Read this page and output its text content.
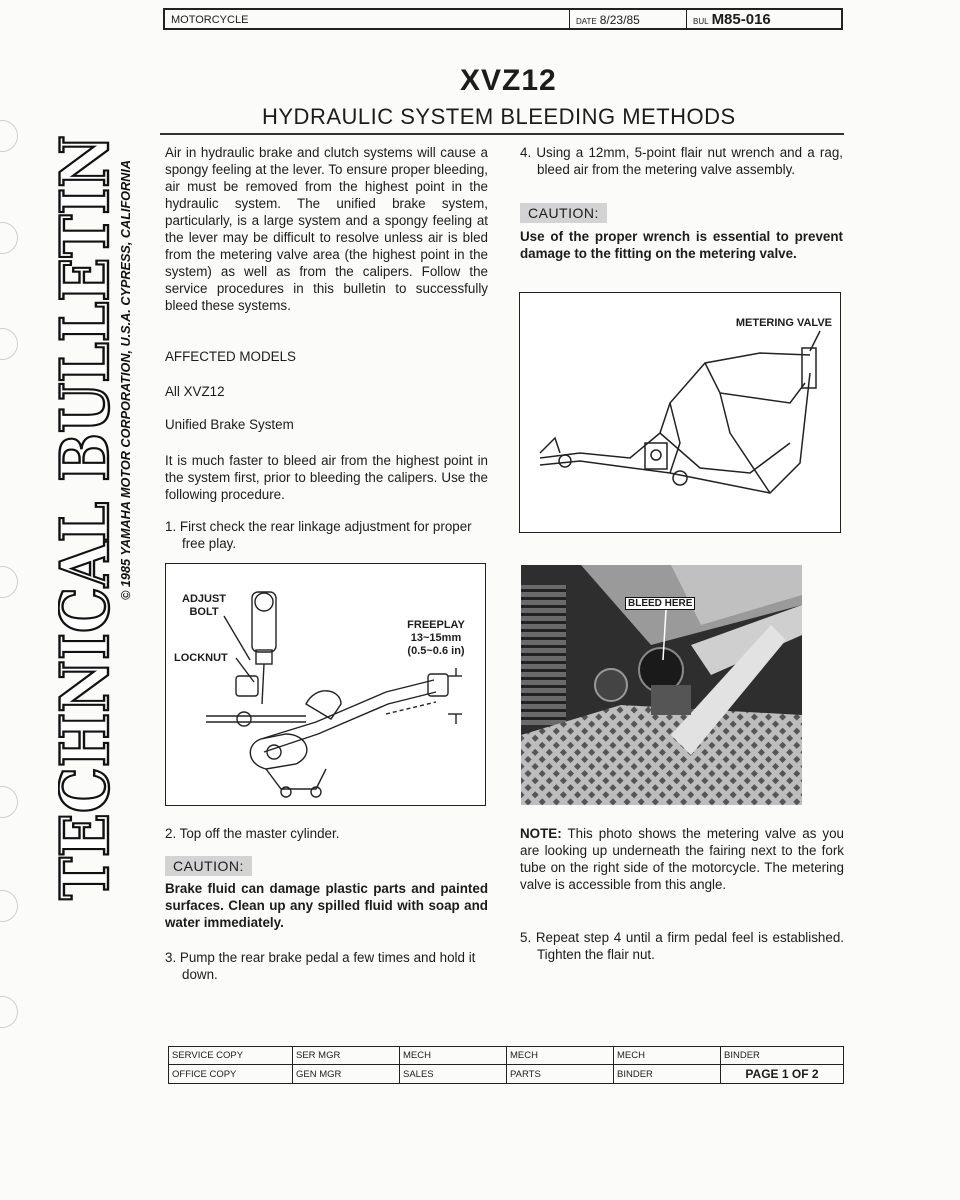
MOTORCYCLE	DATE 8/23/85	BUL M85-016
TECHNICAL BULLE
© 1985 YAMAHA MOTOR CORPORATION, U.S.A. CYPRESS, CALIFORNIA
XVZ12
HYDRAULIC SYSTEM BLEEDING METHODS

Air in hydraulic brake and clutch systems will cause a spongy feeling at the lever. To ensure proper bleeding, air must be removed from the highest point in the hydraulic system. The unified brake system, particularly, is a large system and a spongy feeling at the lever may be difficult to resolve unless air is bled from the metering valve area (the highest point in the system) as well as from the calipers. Follow the service procedures in this bulletin to successfully bleed these systems.

AFFECTED MODELS

All XVZ12

Unified Brake System

It is much faster to bleed air from the highest point in the system first, prior to bleeding the calipers. Use the following procedure.

1. First check the rear linkage adjustment for proper free play.

ADJUST
BOLT
LOCKNUT
FREEPLAY
13~15mm
(0.5~0.6 in)

2. Top off the master cylinder.

CAUTION:

Brake fluid can damage plastic parts and painted surfaces. Clean up any spilled fluid with soap and water immediately.

3. Pump the rear brake pedal a few times and hold it down.

4. Using a 12mm, 5-point flair nut wrench and a rag, bleed air from the metering valve assembly.

CAUTION:

Use of the proper wrench is essential to prevent damage to the fitting on the metering valve.

METERING VALVE
BLEED HERE

NOTE: This photo shows the metering valve as you are looking up underneath the fairing next to the fork tube on the right side of the motorcycle. The metering valve is accessible from this angle.

5. Repeat step 4 until a firm pedal feel is established. Tighten the flair nut.

SERVICE COPY	SER MGR	MECH	MECH	MECH	BINDER
OFFICE COPY	GEN MGR	SALES	PARTS	BINDER	PAGE 1 OF 2
